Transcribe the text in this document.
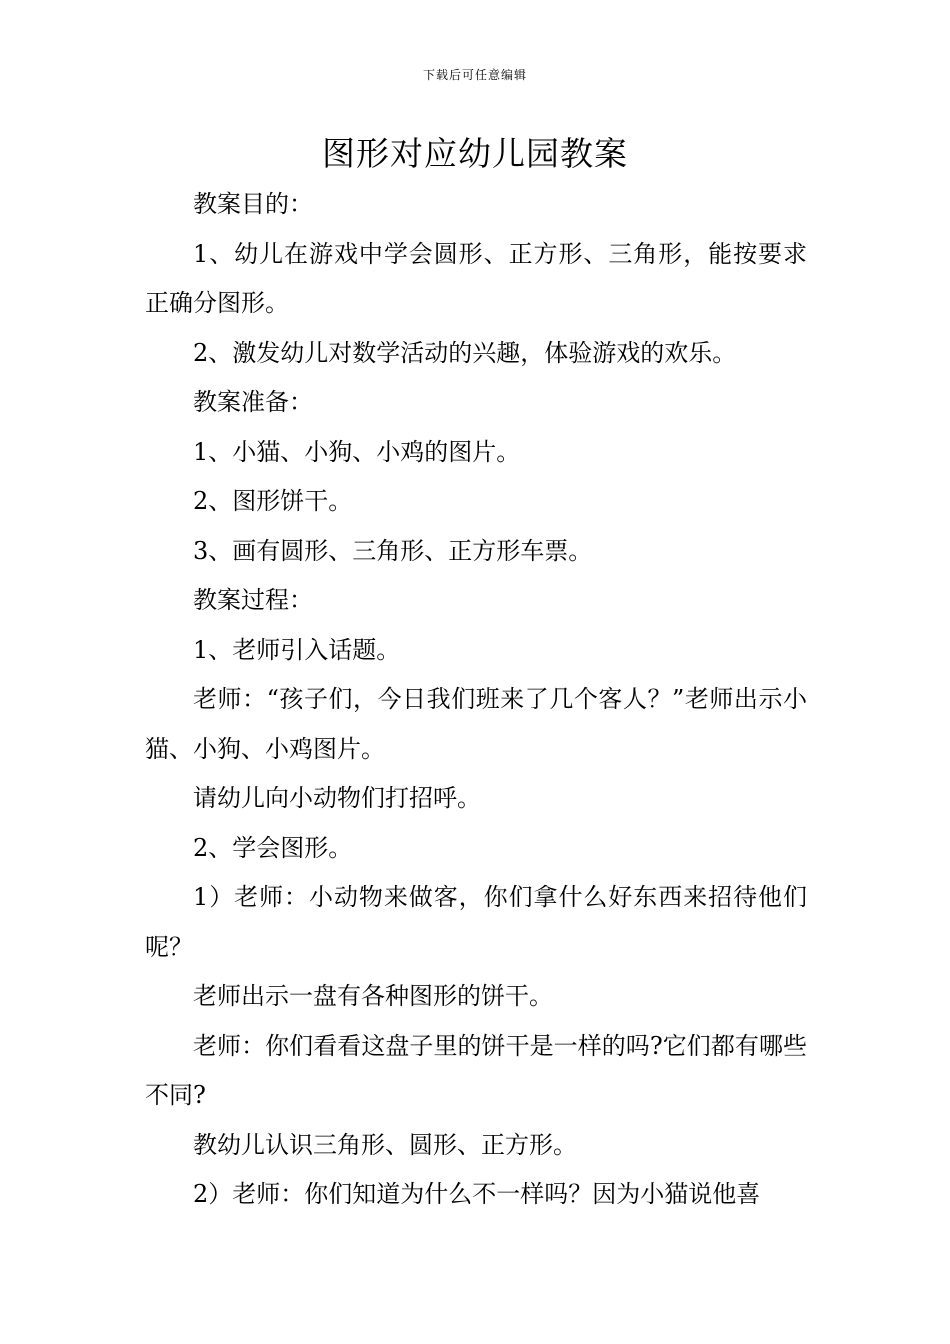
下载后可任意编辑
图形对应幼儿园教案

教案目的：

1、幼儿在游戏中学会圆形、正方形、三角形，能按要求正确分图形。

2、激发幼儿对数学活动的兴趣，体验游戏的欢乐。

教案准备：

1、小猫、小狗、小鸡的图片。

2、图形饼干。

3、画有圆形、三角形、正方形车票。

教案过程：

1、老师引入话题。

老师：“孩子们，今日我们班来了几个客人？”老师出示小猫、小狗、小鸡图片。

请幼儿向小动物们打招呼。

2、学会图形。

1）老师：小动物来做客，你们拿什么好东西来招待他们呢？

老师出示一盘有各种图形的饼干。

老师：你们看看这盘子里的饼干是一样的吗?它们都有哪些不同?

教幼儿认识三角形、圆形、正方形。

2）老师：你们知道为什么不一样吗？因为小猫说他喜
